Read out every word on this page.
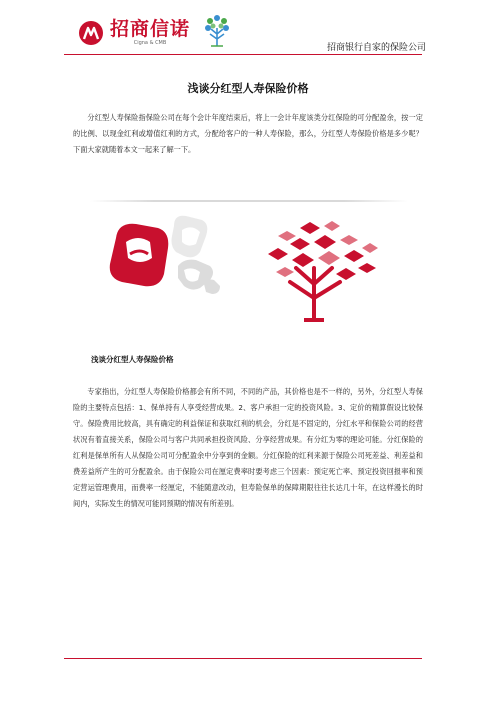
招商信诺
Cigna & CMB	招商银行自家的保险公司
浅谈分红型人寿保险价格
分红型人寿保险指保险公司在每个会计年度结束后，将上一会计年度该类分红保险的可分配盈余，按一定的比例、以现金红利或增值红利的方式，分配给客户的一种人寿保险，那么，分红型人寿保险价格是多少呢？下面大家就随着本文一起来了解一下。
浅谈分红型人寿保险价格
专家指出，分红型人寿保险价格都会有所不同，不同的产品，其价格也是不一样的，另外，分红型人寿保险的主要特点包括：1、保单持有人享受经营成果。2、客户承担一定的投资风险。3、定价的精算假设比较保守。保险费用比较高，具有确定的利益保证和获取红利的机会，分红是不固定的，分红水平和保险公司的经营状况有着直接关系，保险公司与客户共同承担投资风险、分享经营成果。有分红为零的理论可能。分红保险的红利是保单所有人从保险公司可分配盈余中分享到的金额。分红保险的红利来源于保险公司死差益、利差益和费差益所产生的可分配盈余。由于保险公司在厘定费率时要考虑三个因素：预定死亡率、预定投资回报率和预定营运管理费用，而费率一经厘定，不能随意改动，但寿险保单的保障期限往往长达几十年，在这样漫长的时间内，实际发生的情况可能同预期的情况有所差别。
